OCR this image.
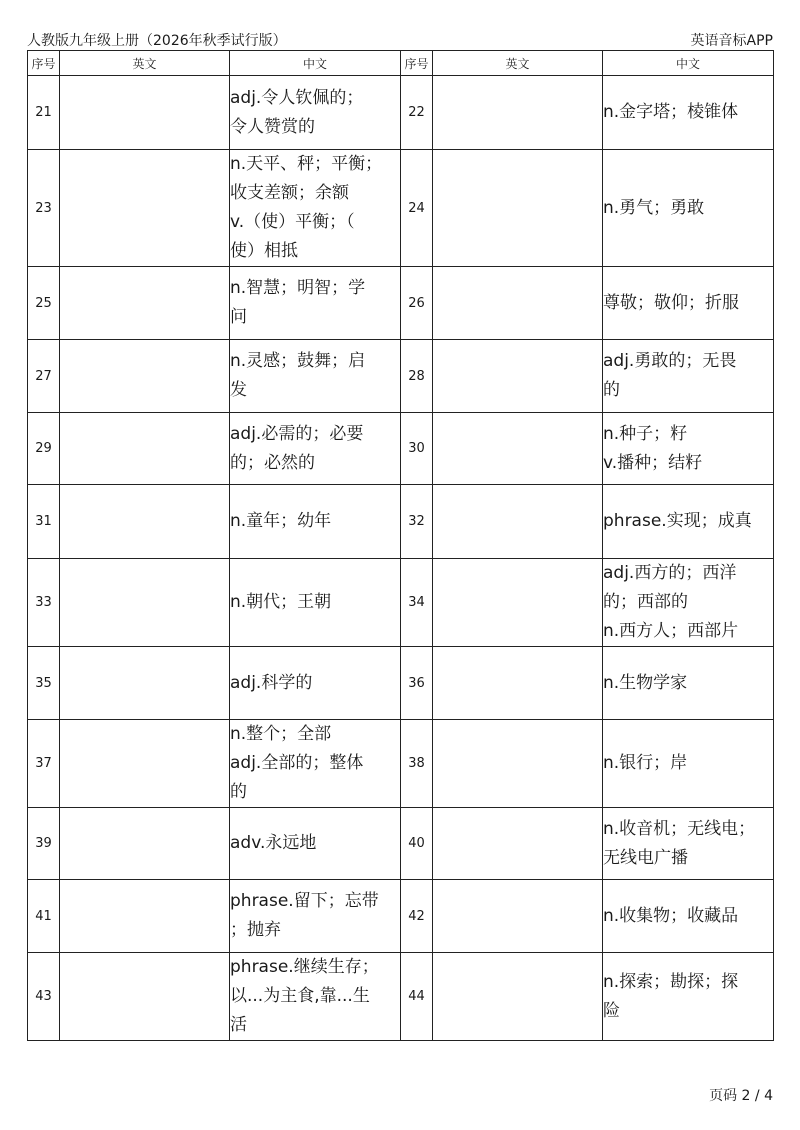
人教版九年级上册（2026年秋季试行版）	英语音标APP
序号	英文	中文	序号	英文	中文
21		adj.令人钦佩的；
令人赞赏的	22		n.金字塔；棱锥体

23		n.天平、秤；平衡；
收支差额；余额
v.（使）平衡；（
使）相抵	24		n.勇气；勇敢

25		n.智慧；明智；学
问	26		尊敬；敬仰；折服

27		n.灵感；鼓舞；启
发	28		adj.勇敢的；无畏
的

29		adj.必需的；必要
的；必然的	30		n.种子；籽
v.播种；结籽

31		n.童年；幼年	32		phrase.实现；成真

33		n.朝代；王朝	34		adj.西方的；西洋
的；西部的
n.西方人；西部片

35		adj.科学的	36		n.生物学家

37		n.整个；全部
adj.全部的；整体
的	38		n.银行；岸

39		adv.永远地	40		n.收音机；无线电；
无线电广播

41		phrase.留下；忘带
；抛弃	42		n.收集物；收藏品

43		phrase.继续生存；
以...为主食,靠...生
活	44		n.探索；勘探；探
险
页码 2 / 4
